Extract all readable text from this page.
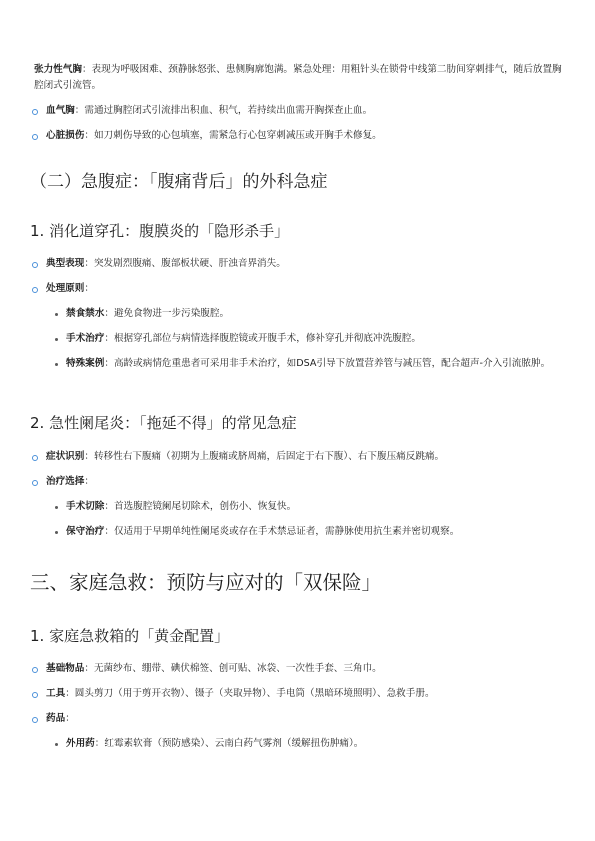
张力性气胸：表现为呼吸困难、颈静脉怒张、患侧胸廓饱满。紧急处理：用粗针头在锁骨中线第二肋间穿刺排气，随后放置胸腔闭式引流管。
血气胸：需通过胸腔闭式引流排出积血、积气，若持续出血需开胸探查止血。
心脏损伤：如刀刺伤导致的心包填塞，需紧急行心包穿刺减压或开胸手术修复。
（二）急腹症：「腹痛背后」的外科急症
1. 消化道穿孔：腹膜炎的「隐形杀手」
典型表现：突发剧烈腹痛、腹部板状硬、肝浊音界消失。
处理原则：
禁食禁水：避免食物进一步污染腹腔。
手术治疗：根据穿孔部位与病情选择腹腔镜或开腹手术，修补穿孔并彻底冲洗腹腔。
特殊案例：高龄或病情危重患者可采用非手术治疗，如DSA引导下放置营养管与减压管，配合超声-介入引流脓肿。
2. 急性阑尾炎：「拖延不得」的常见急症
症状识别：转移性右下腹痛（初期为上腹痛或脐周痛，后固定于右下腹）、右下腹压痛反跳痛。
治疗选择：
手术切除：首选腹腔镜阑尾切除术，创伤小、恢复快。
保守治疗：仅适用于早期单纯性阑尾炎或存在手术禁忌证者，需静脉使用抗生素并密切观察。
三、家庭急救：预防与应对的「双保险」
1. 家庭急救箱的「黄金配置」
基础物品：无菌纱布、绷带、碘伏棉签、创可贴、冰袋、一次性手套、三角巾。
工具：圆头剪刀（用于剪开衣物）、镊子（夹取异物）、手电筒（黑暗环境照明）、急救手册。
药品：
外用药：红霉素软膏（预防感染）、云南白药气雾剂（缓解扭伤肿痛）。
